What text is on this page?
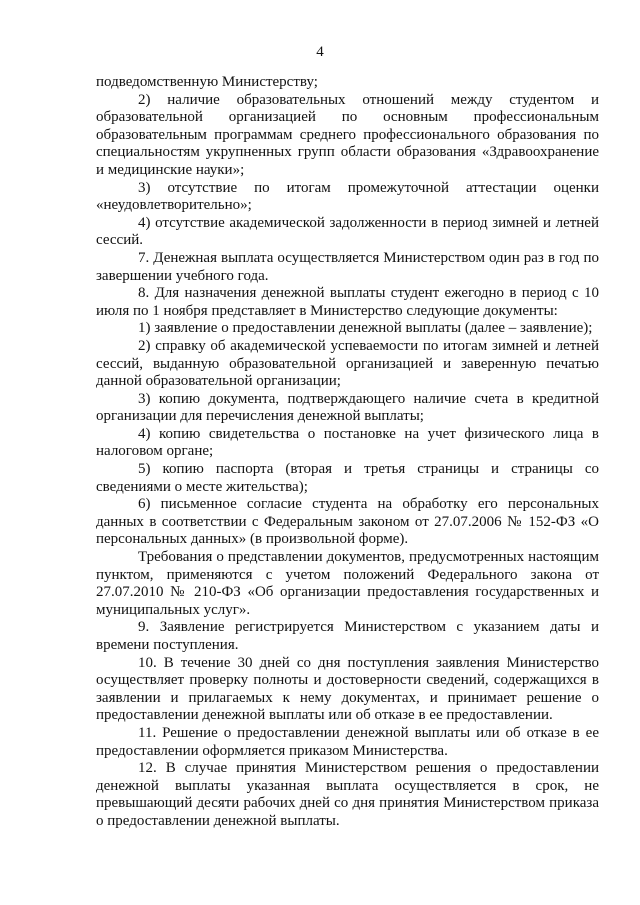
4

подведомственную Министерству;

2) наличие образовательных отношений между студентом и образовательной организацией по основным профессиональным образовательным программам среднего профессионального образования по специальностям укрупненных групп области образования «Здравоохранение и медицинские науки»;

3) отсутствие по итогам промежуточной аттестации оценки «неудовлетворительно»;

4) отсутствие академической задолженности в период зимней и летней сессий.

7. Денежная выплата осуществляется Министерством один раз в год по завершении учебного года.

8. Для назначения денежной выплаты студент ежегодно в период с 10 июля по 1 ноября представляет в Министерство следующие документы:

1) заявление о предоставлении денежной выплаты (далее – заявление);

2) справку об академической успеваемости по итогам зимней и летней сессий, выданную образовательной организацией и заверенную печатью данной образовательной организации;

3) копию документа, подтверждающего наличие счета в кредитной организации для перечисления денежной выплаты;

4) копию свидетельства о постановке на учет физического лица в налоговом органе;

5) копию паспорта (вторая и третья страницы и страницы со сведениями о месте жительства);

6) письменное согласие студента на обработку его персональных данных в соответствии с Федеральным законом от 27.07.2006 № 152-ФЗ «О персональных данных» (в произвольной форме).

Требования о представлении документов, предусмотренных настоящим пунктом, применяются с учетом положений Федерального закона от 27.07.2010 № 210-ФЗ «Об организации предоставления государственных и муниципальных услуг».

9. Заявление регистрируется Министерством с указанием даты и времени поступления.

10. В течение 30 дней со дня поступления заявления Министерство осуществляет проверку полноты и достоверности сведений, содержащихся в заявлении и прилагаемых к нему документах, и принимает решение о предоставлении денежной выплаты или об отказе в ее предоставлении.

11. Решение о предоставлении денежной выплаты или об отказе в ее предоставлении оформляется приказом Министерства.

12. В случае принятия Министерством решения о предоставлении денежной выплаты указанная выплата осуществляется в срок, не превышающий десяти рабочих дней со дня принятия Министерством приказа о предоставлении денежной выплаты.
